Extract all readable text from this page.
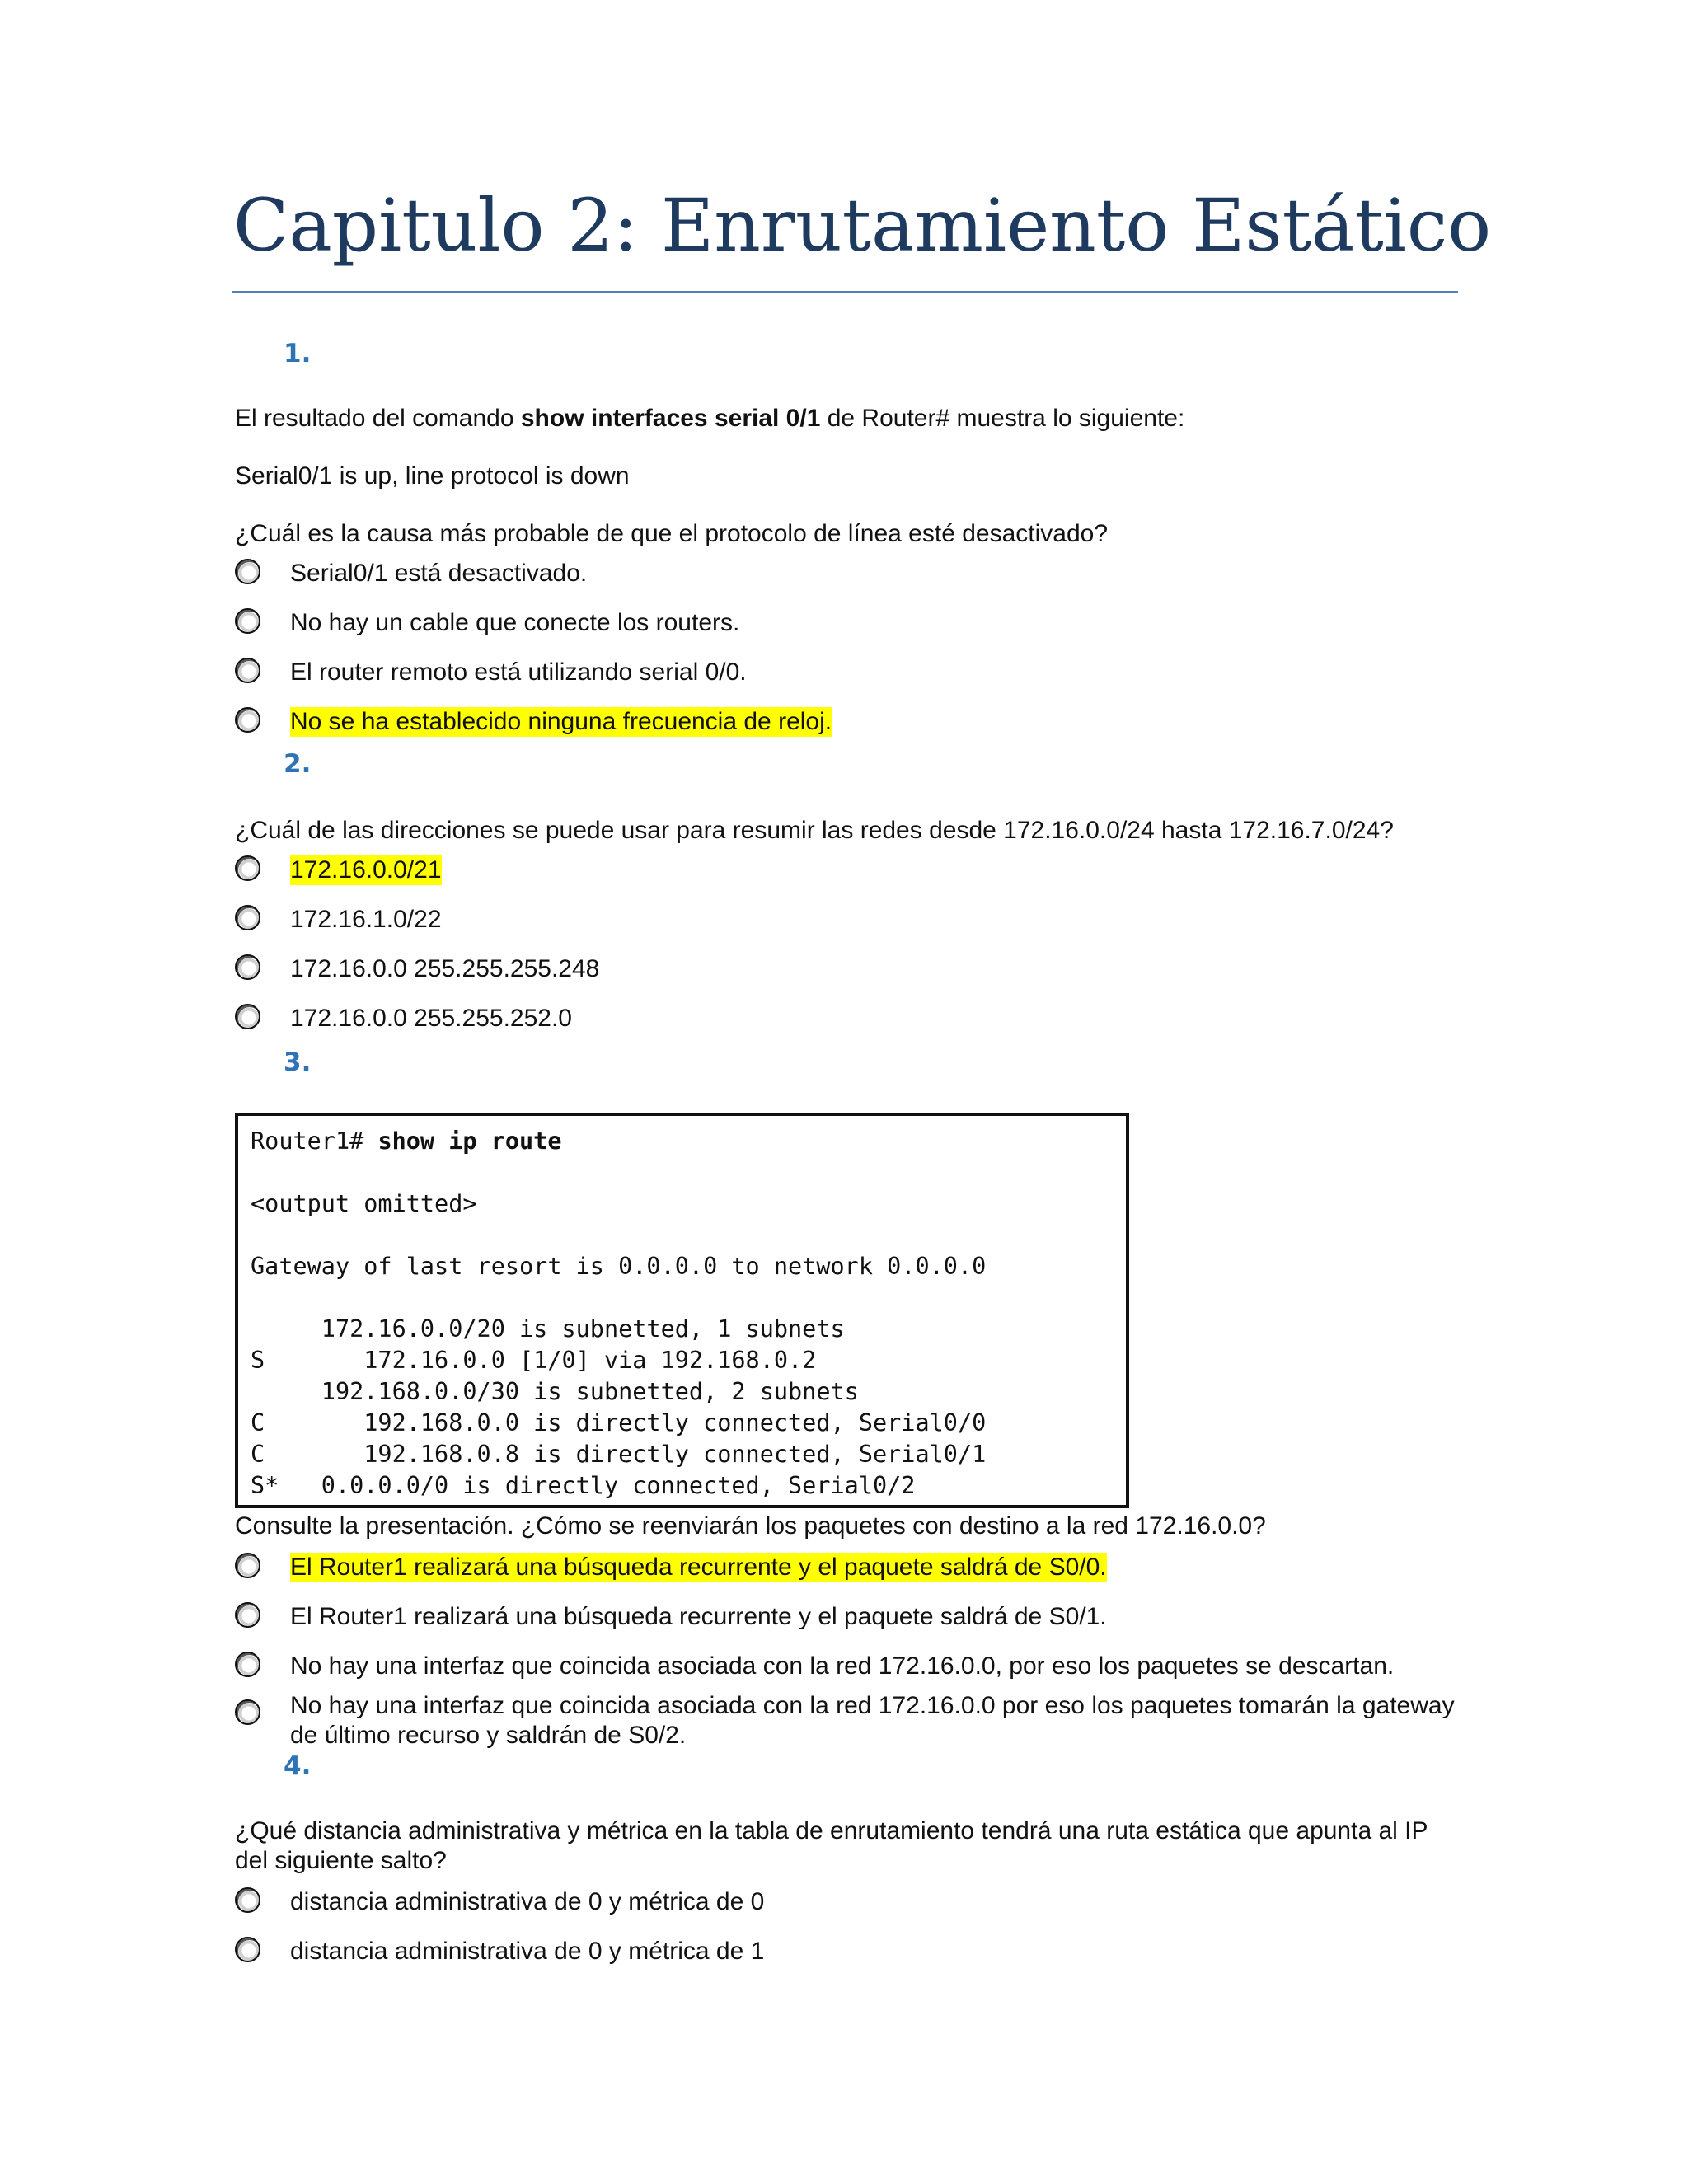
Capitulo 2: Enrutamiento Estático
1.
El resultado del comando show interfaces serial 0/1 de Router# muestra lo siguiente:
Serial0/1 is up, line protocol is down
¿Cuál es la causa más probable de que el protocolo de línea esté desactivado?
Serial0/1 está desactivado.
No hay un cable que conecte los routers.
El router remoto está utilizando serial 0/0.
No se ha establecido ninguna frecuencia de reloj.
2.
¿Cuál de las direcciones se puede usar para resumir las redes desde 172.16.0.0/24 hasta 172.16.7.0/24?
172.16.0.0/21
172.16.1.0/22
172.16.0.0 255.255.255.248
172.16.0.0 255.255.252.0
3.
Router1# show ip route
<output omitted>
Gateway of last resort is 0.0.0.0 to network 0.0.0.0
172.16.0.0/20 is subnetted, 1 subnets
S       172.16.0.0 [1/0] via 192.168.0.2
192.168.0.0/30 is subnetted, 2 subnets
C       192.168.0.0 is directly connected, Serial0/0
C       192.168.0.8 is directly connected, Serial0/1
S*   0.0.0.0/0 is directly connected, Serial0/2
Consulte la presentación. ¿Cómo se reenviarán los paquetes con destino a la red 172.16.0.0?
El Router1 realizará una búsqueda recurrente y el paquete saldrá de S0/0.
El Router1 realizará una búsqueda recurrente y el paquete saldrá de S0/1.
No hay una interfaz que coincida asociada con la red 172.16.0.0, por eso los paquetes se descartan.
No hay una interfaz que coincida asociada con la red 172.16.0.0 por eso los paquetes tomarán la gateway de último recurso y saldrán de S0/2.
4.
¿Qué distancia administrativa y métrica en la tabla de enrutamiento tendrá una ruta estática que apunta al IP del siguiente salto?
distancia administrativa de 0 y métrica de 0
distancia administrativa de 0 y métrica de 1
